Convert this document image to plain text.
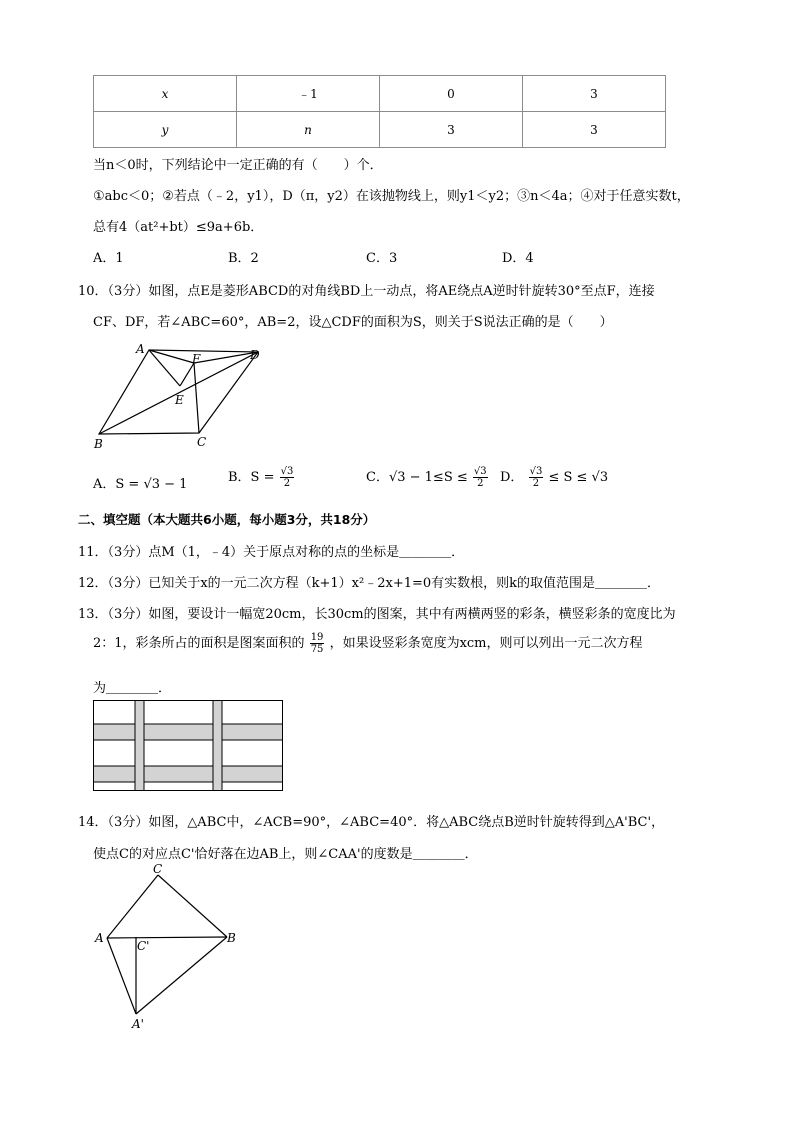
x	﹣1	0	3
y	n	3	3
当n＜0时，下列结论中一定正确的有（　　）个．
①abc＜0；②若点（﹣2，y1），D（π，y2）在该抛物线上，则y1＜y2；③n＜4a；④对于任意实数t，
总有4（at²+bt）≤9a+6b．
A．1	B．2	C．3	D．4
10．（3分）如图，点E是菱形ABCD的对角线BD上一动点，将AE绕点A逆时针旋转30°至点F，连接
CF、DF，若∠ABC=60°，AB=2，设△CDF的面积为S，则关于S说法正确的是（　　）
A
F	D
E
B	C
A．S = √3 − 1	B．$S = \frac{√3}{2}$	C．$√3 - 1\le S \le \frac{√3}{2}$ D． $\frac{√3}{2} \le S \le √3$
二、填空题（本大题共6小题，每小题3分，共18分）
11．（3分）点M（1，﹣4）关于原点对称的点的坐标是＿＿＿＿．
12．（3分）已知关于x的一元二次方程（k+1）x²﹣2x+1=0有实数根，则k的取值范围是＿＿＿＿．
13．（3分）如图，要设计一幅宽20cm，长30cm的图案，其中有两横两竖的彩条，横竖彩条的宽度比为
2：1，彩条所占的面积是图案面积的 $\frac{19}{75}$ ，如果设竖彩条宽度为xcm，则可以列出一元二次方程
为＿＿＿＿．
14．（3分）如图，△ABC中，∠ACB=90°，∠ABC=40°．将△ABC绕点B逆时针旋转得到△A'BC'，
使点C的对应点C'恰好落在边AB上，则∠CAA'的度数是＿＿＿＿．
C
A
C'
B
A'
